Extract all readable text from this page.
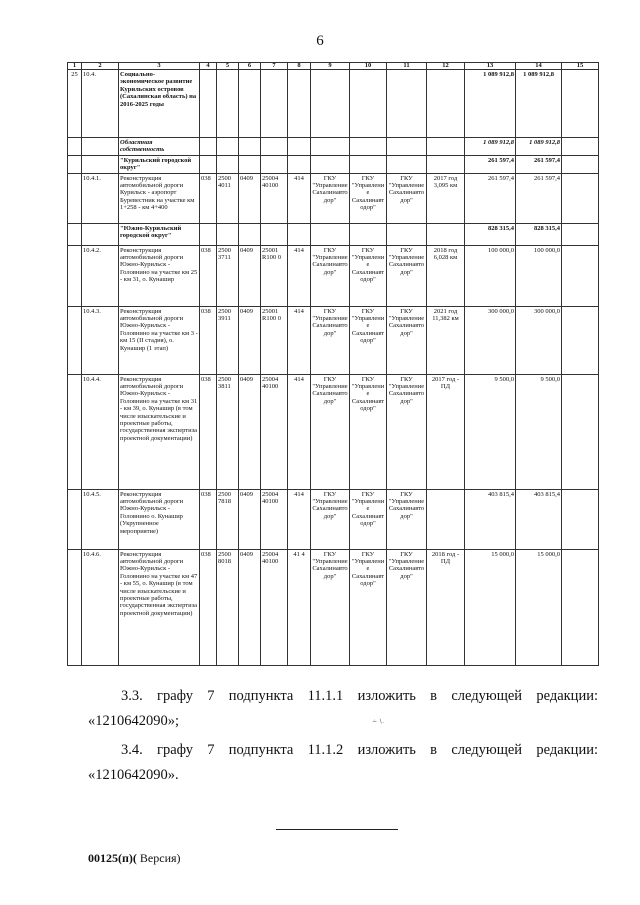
6
1	2	3	4	5	6	7	8	9	10	11	12	13	14	15
25	10.4.	Социально-экономическое развитие Курильских островов (Сахалинская область) на 2016-2025 годы										1 089 912,8	1 089 912,8	
		Областная собственность										1 089 912,8	1 089 912,8	
		"Курильский городской округ"										261 597,4	261 597,4	
	10.4.1.	Реконструкция автомобильной дороги Курильск - аэропорт Буревестник на участке км 1+258 - км 4+400	038	2500 4011	0409	25004 40100	414	ГКУ "Управление Сахалинавтодор"	ГКУ "Управление Сахалинавтодор"	ГКУ "Управление Сахалинавтодор"	2017 год 3,095 км	261 597,4	261 597,4	
		"Южно-Курильский городской округ"										828 315,4	828 315,4	
	10.4.2.	Реконструкция автомобильной дороги Южно-Курильск - Головнино на участке км 25 - км 31, о. Кунашир	038	2500 3711	0409	25001 R100 0	414	ГКУ "Управление Сахалинавтодор"	ГКУ "Управление Сахалинавтодор"	ГКУ "Управление Сахалинавтодор"	2018 год 6,028 км	100 000,0	100 000,0	
	10.4.3.	Реконструкция автомобильной дороги Южно-Курильск - Головнино на участке км 3 - км 15 (II стадия), о. Кунашир (1 этап)	038	2500 3911	0409	25001 R100 0	414	ГКУ "Управление Сахалинавтодор"	ГКУ "Управление Сахалинавтодор"	ГКУ "Управление Сахалинавтодор"	2021 год 11,382 км	300 000,0	300 000,0	
	10.4.4.	Реконструкция автомобильной дороги Южно-Курильск - Головнино на участке км 31 - км 39, о. Кунашир (в том числе изыскательские и проектные работы, государственная экспертиза проектной документации)	038	2500 3811	0409	25004 40100	414	ГКУ "Управление Сахалинавтодор"	ГКУ "Управление Сахалинавтодор"	ГКУ "Управление Сахалинавтодор"	2017 год - ПД	9 500,0	9 500,0	
	10.4.5.	Реконструкция автомобильной дороги Южно-Курильск - Головнино о. Кунашир (Укрупненное мероприятие)	038	2500 7818	0409	25004 40100	414	ГКУ "Управление Сахалинавтодор"	ГКУ "Управление Сахалинавтодор"	ГКУ "Управление Сахалинавтодор"		403 815,4	403 815,4	
	10.4.6.	Реконструкция автомобильной дороги Южно-Курильск - Головнино на участке км 47 - км 55, о. Кунашир (в том числе изыскательские и проектные работы, государственная экспертиза проектной документации)	038	2500 8018	0409	25004 40100	41 4	ГКУ "Управление Сахалинавтодор"	ГКУ "Управление Сахалинавтодор"	ГКУ "Управление Сахалинавтодор"	2018 год - ПД	15 000,0	15 000,0	
3.3. графу 7 подпункта 11.1.1 изложить в следующей редакции:
«1210642090»;	∸ ∖.
3.4. графу 7 подпункта 11.1.2 изложить в следующей редакции:
«1210642090».
00125(п)( Версия)
